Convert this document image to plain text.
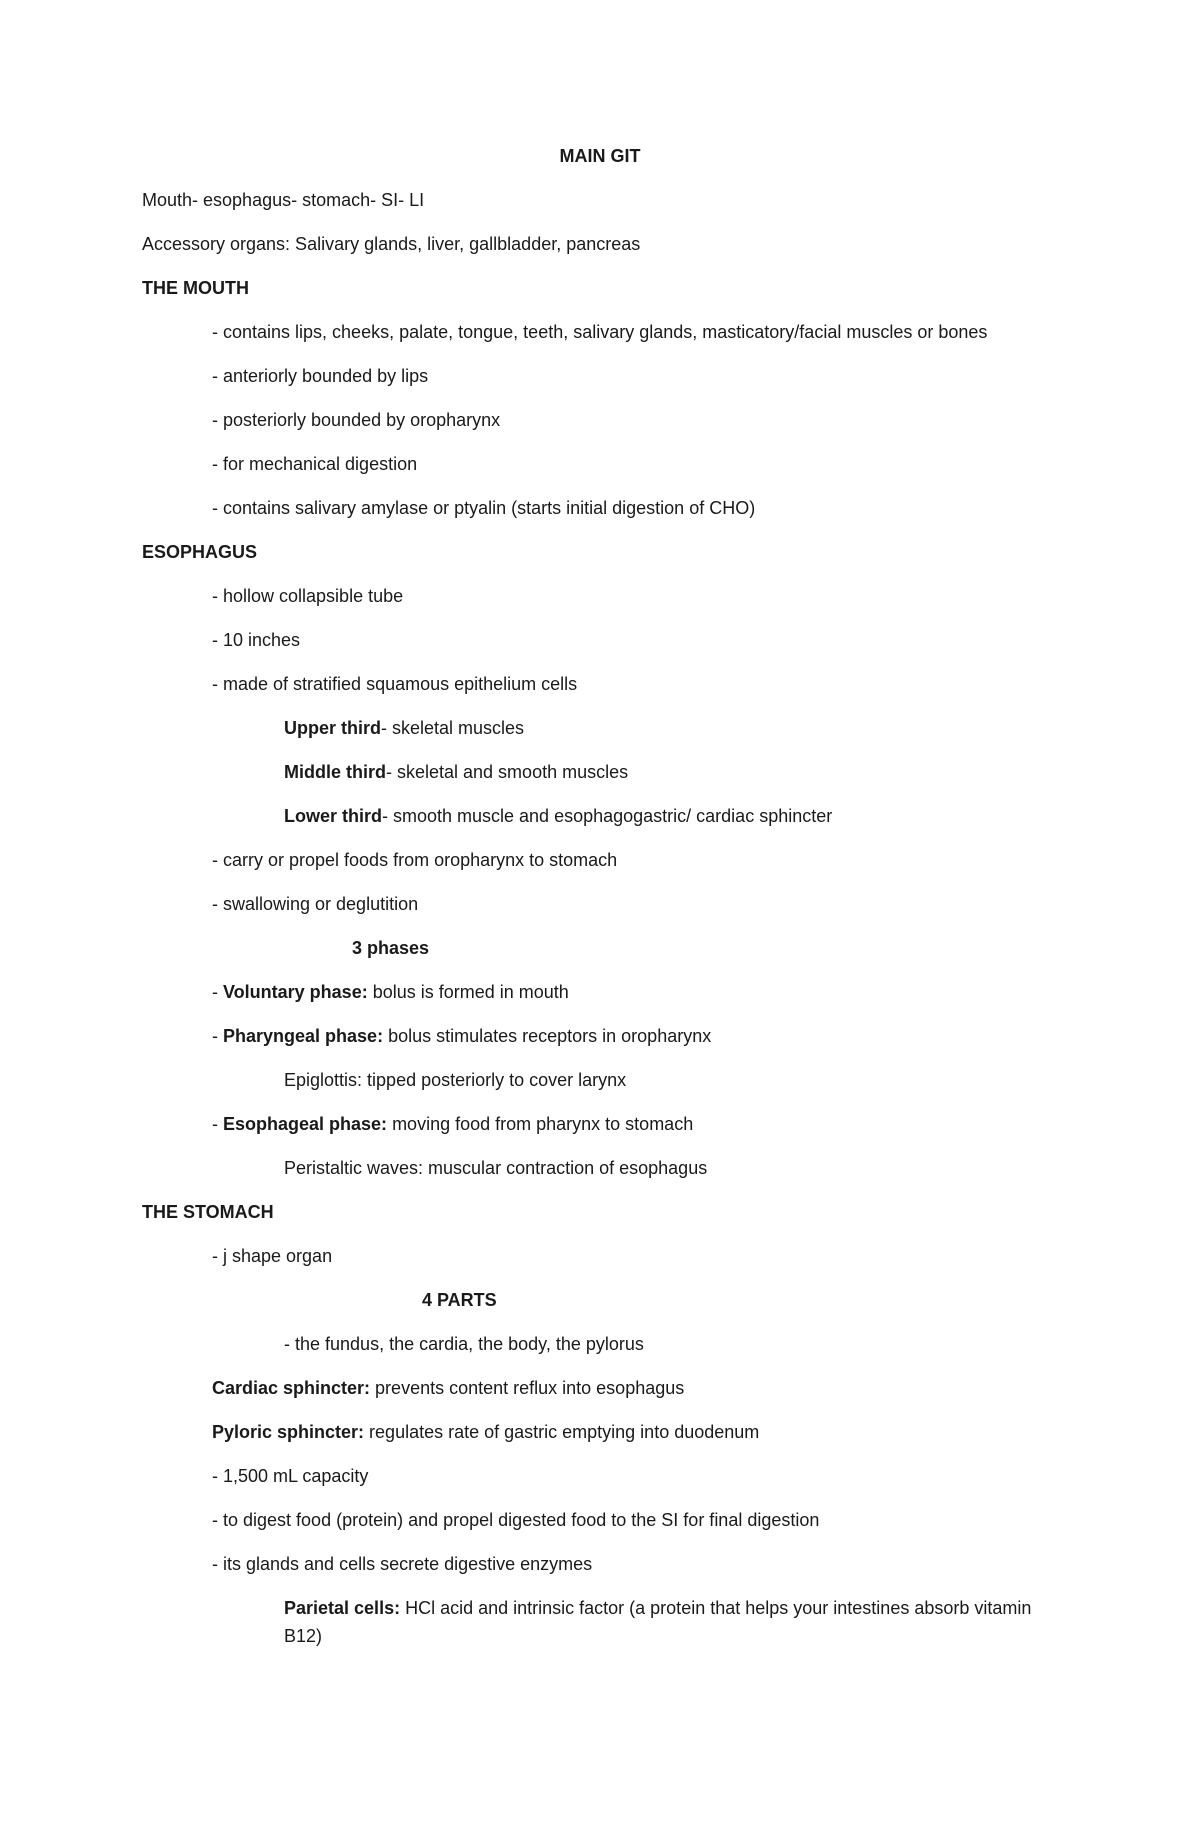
MAIN GIT
Mouth- esophagus- stomach- SI- LI
Accessory organs: Salivary glands, liver, gallbladder, pancreas
THE MOUTH
- contains lips, cheeks, palate, tongue, teeth, salivary glands, masticatory/facial muscles or bones
- anteriorly bounded by lips
- posteriorly bounded by oropharynx
- for mechanical digestion
- contains salivary amylase or ptyalin (starts initial digestion of CHO)
ESOPHAGUS
- hollow collapsible tube
- 10 inches
- made of stratified squamous epithelium cells
Upper third- skeletal muscles
Middle third- skeletal and smooth muscles
Lower third- smooth muscle and esophagogastric/ cardiac sphincter
- carry or propel foods from oropharynx to stomach
- swallowing or deglutition
3 phases
- Voluntary phase: bolus is formed in mouth
- Pharyngeal phase: bolus stimulates receptors in oropharynx
Epiglottis: tipped posteriorly to cover larynx
- Esophageal phase: moving food from pharynx to stomach
Peristaltic waves: muscular contraction of esophagus
THE STOMACH
- j shape organ
4 PARTS
- the fundus, the cardia, the body, the pylorus
Cardiac sphincter: prevents content reflux into esophagus
Pyloric sphincter: regulates rate of gastric emptying into duodenum
- 1,500 mL capacity
- to digest food (protein) and propel digested food to the SI for final digestion
- its glands and cells secrete digestive enzymes
Parietal cells: HCl acid and intrinsic factor (a protein that helps your intestines absorb vitamin B12)
